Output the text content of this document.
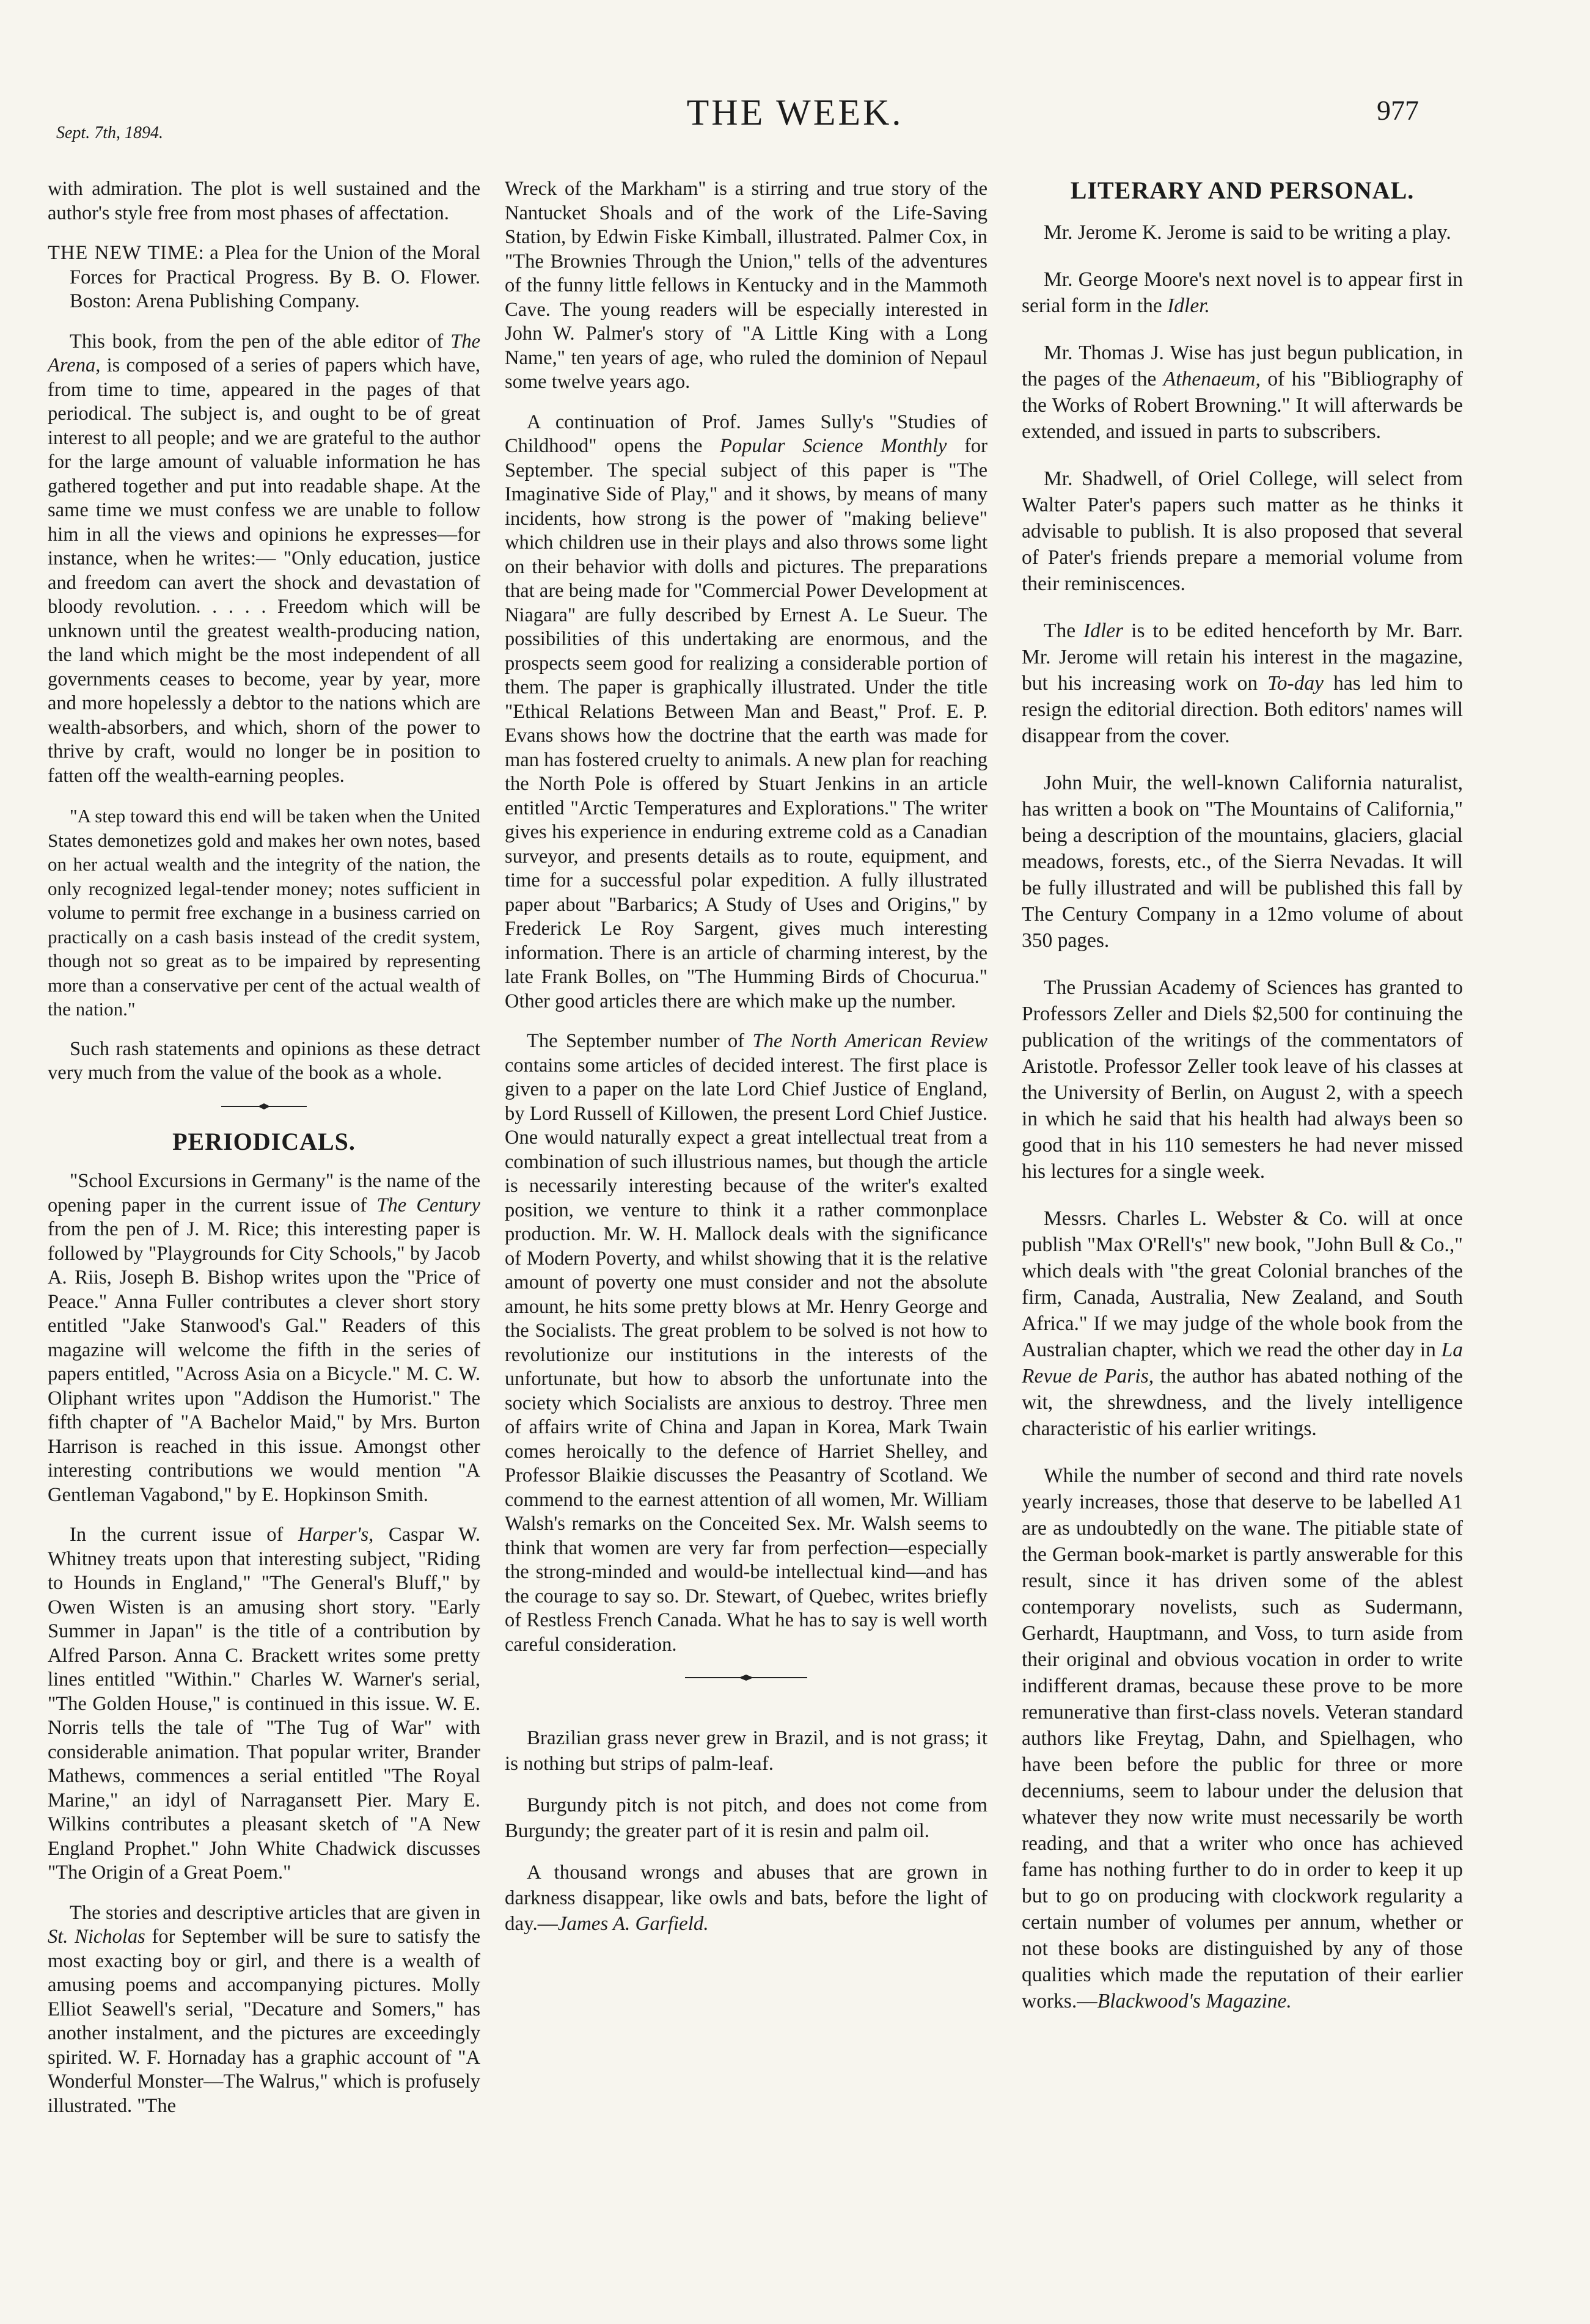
Sept. 7th, 1894.
THE WEEK.	977

with admiration. The plot is well sustained and the author's style free from most phases of affectation.

THE NEW TIME: a Plea for the Union of the Moral Forces for Practical Progress. By B. O. Flower. Boston: Arena Publishing Company.

This book, from the pen of the able editor of The Arena, is composed of a series of papers which have, from time to time, appeared in the pages of that periodical. The subject is, and ought to be of great interest to all people; and we are grateful to the author for the large amount of valuable information he has gathered together and put into readable shape. At the same time we must confess we are unable to follow him in all the views and opinions he expresses—for instance, when he writes:— "Only education, justice and freedom can avert the shock and devastation of bloody revolution. . . . . Freedom which will be unknown until the greatest wealth-producing nation, the land which might be the most independent of all governments ceases to become, year by year, more and more hopelessly a debtor to the nations which are wealth-absorbers, and which, shorn of the power to thrive by craft, would no longer be in position to fatten off the wealth-earning peoples.

"A step toward this end will be taken when the United States demonetizes gold and makes her own notes, based on her actual wealth and the integrity of the nation, the only recognized legal-tender money; notes sufficient in volume to permit free exchange in a business carried on practically on a cash basis instead of the credit system, though not so great as to be impaired by representing more than a conservative per cent of the actual wealth of the nation."

Such rash statements and opinions as these detract very much from the value of the book as a whole.

PERIODICALS.

"School Excursions in Germany" is the name of the opening paper in the current issue of The Century from the pen of J. M. Rice; this interesting paper is followed by "Playgrounds for City Schools," by Jacob A. Riis, Joseph B. Bishop writes upon the "Price of Peace." Anna Fuller contributes a clever short story entitled "Jake Stanwood's Gal." Readers of this magazine will welcome the fifth in the series of papers entitled, "Across Asia on a Bicycle." M. C. W. Oliphant writes upon "Addison the Humorist." The fifth chapter of "A Bachelor Maid," by Mrs. Burton Harrison is reached in this issue. Amongst other interesting contributions we would mention "A Gentleman Vagabond," by E. Hopkinson Smith.

In the current issue of Harper's, Caspar W. Whitney treats upon that interesting subject, "Riding to Hounds in England," "The General's Bluff," by Owen Wisten is an amusing short story. "Early Summer in Japan" is the title of a contribution by Alfred Parson. Anna C. Brackett writes some pretty lines entitled "Within." Charles W. Warner's serial, "The Golden House," is continued in this issue. W. E. Norris tells the tale of "The Tug of War" with considerable animation. That popular writer, Brander Mathews, commences a serial entitled "The Royal Marine," an idyl of Narragansett Pier. Mary E. Wilkins contributes a pleasant sketch of "A New England Prophet." John White Chadwick discusses "The Origin of a Great Poem."

The stories and descriptive articles that are given in St. Nicholas for September will be sure to satisfy the most exacting boy or girl, and there is a wealth of amusing poems and accompanying pictures. Molly Elliot Seawell's serial, "Decature and Somers," has another instalment, and the pictures are exceedingly spirited. W. F. Hornaday has a graphic account of "A Wonderful Monster—The Walrus," which is profusely illustrated. "The

Wreck of the Markham" is a stirring and true story of the Nantucket Shoals and of the work of the Life-Saving Station, by Edwin Fiske Kimball, illustrated. Palmer Cox, in "The Brownies Through the Union," tells of the adventures of the funny little fellows in Kentucky and in the Mammoth Cave. The young readers will be especially interested in John W. Palmer's story of "A Little King with a Long Name," ten years of age, who ruled the dominion of Nepaul some twelve years ago.

A continuation of Prof. James Sully's "Studies of Childhood" opens the Popular Science Monthly for September. The special subject of this paper is "The Imaginative Side of Play," and it shows, by means of many incidents, how strong is the power of "making believe" which children use in their plays and also throws some light on their behavior with dolls and pictures. The preparations that are being made for "Commercial Power Development at Niagara" are fully described by Ernest A. Le Sueur. The possibilities of this undertaking are enormous, and the prospects seem good for realizing a considerable portion of them. The paper is graphically illustrated. Under the title "Ethical Relations Between Man and Beast," Prof. E. P. Evans shows how the doctrine that the earth was made for man has fostered cruelty to animals. A new plan for reaching the North Pole is offered by Stuart Jenkins in an article entitled "Arctic Temperatures and Explorations." The writer gives his experience in enduring extreme cold as a Canadian surveyor, and presents details as to route, equipment, and time for a successful polar expedition. A fully illustrated paper about "Barbarics; A Study of Uses and Origins," by Frederick Le Roy Sargent, gives much interesting information. There is an article of charming interest, by the late Frank Bolles, on "The Humming Birds of Chocurua." Other good articles there are which make up the number.

The September number of The North American Review contains some articles of decided interest. The first place is given to a paper on the late Lord Chief Justice of England, by Lord Russell of Killowen, the present Lord Chief Justice. One would naturally expect a great intellectual treat from a combination of such illustrious names, but though the article is necessarily interesting because of the writer's exalted position, we venture to think it a rather commonplace production. Mr. W. H. Mallock deals with the significance of Modern Poverty, and whilst showing that it is the relative amount of poverty one must consider and not the absolute amount, he hits some pretty blows at Mr. Henry George and the Socialists. The great problem to be solved is not how to revolutionize our institutions in the interests of the unfortunate, but how to absorb the unfortunate into the society which Socialists are anxious to destroy. Three men of affairs write of China and Japan in Korea, Mark Twain comes heroically to the defence of Harriet Shelley, and Professor Blaikie discusses the Peasantry of Scotland. We commend to the earnest attention of all women, Mr. William Walsh's remarks on the Conceited Sex. Mr. Walsh seems to think that women are very far from perfection—especially the strong-minded and would-be intellectual kind—and has the courage to say so. Dr. Stewart, of Quebec, writes briefly of Restless French Canada. What he has to say is well worth careful consideration.

Brazilian grass never grew in Brazil, and is not grass; it is nothing but strips of palm-leaf.

Burgundy pitch is not pitch, and does not come from Burgundy; the greater part of it is resin and palm oil.

A thousand wrongs and abuses that are grown in darkness disappear, like owls and bats, before the light of day.—James A. Garfield.

LITERARY AND PERSONAL.

Mr. Jerome K. Jerome is said to be writing a play.

Mr. George Moore's next novel is to appear first in serial form in the Idler.

Mr. Thomas J. Wise has just begun publication, in the pages of the Athenaeum, of his "Bibliography of the Works of Robert Browning." It will afterwards be extended, and issued in parts to subscribers.

Mr. Shadwell, of Oriel College, will select from Walter Pater's papers such matter as he thinks it advisable to publish. It is also proposed that several of Pater's friends prepare a memorial volume from their reminiscences.

The Idler is to be edited henceforth by Mr. Barr. Mr. Jerome will retain his interest in the magazine, but his increasing work on To-day has led him to resign the editorial direction. Both editors' names will disappear from the cover.

John Muir, the well-known California naturalist, has written a book on "The Mountains of California," being a description of the mountains, glaciers, glacial meadows, forests, etc., of the Sierra Nevadas. It will be fully illustrated and will be published this fall by The Century Company in a 12mo volume of about 350 pages.

The Prussian Academy of Sciences has granted to Professors Zeller and Diels $2,500 for continuing the publication of the writings of the commentators of Aristotle. Professor Zeller took leave of his classes at the University of Berlin, on August 2, with a speech in which he said that his health had always been so good that in his 110 semesters he had never missed his lectures for a single week.

Messrs. Charles L. Webster & Co. will at once publish "Max O'Rell's" new book, "John Bull & Co.," which deals with "the great Colonial branches of the firm, Canada, Australia, New Zealand, and South Africa." If we may judge of the whole book from the Australian chapter, which we read the other day in La Revue de Paris, the author has abated nothing of the wit, the shrewdness, and the lively intelligence characteristic of his earlier writings.

While the number of second and third rate novels yearly increases, those that deserve to be labelled A1 are as undoubtedly on the wane. The pitiable state of the German book-market is partly answerable for this result, since it has driven some of the ablest contemporary novelists, such as Sudermann, Gerhardt, Hauptmann, and Voss, to turn aside from their original and obvious vocation in order to write indifferent dramas, because these prove to be more remunerative than first-class novels. Veteran standard authors like Freytag, Dahn, and Spielhagen, who have been before the public for three or more decenniums, seem to labour under the delusion that whatever they now write must necessarily be worth reading, and that a writer who once has achieved fame has nothing further to do in order to keep it up but to go on producing with clockwork regularity a certain number of volumes per annum, whether or not these books are distinguished by any of those qualities which made the reputation of their earlier works.—Blackwood's Magazine.
